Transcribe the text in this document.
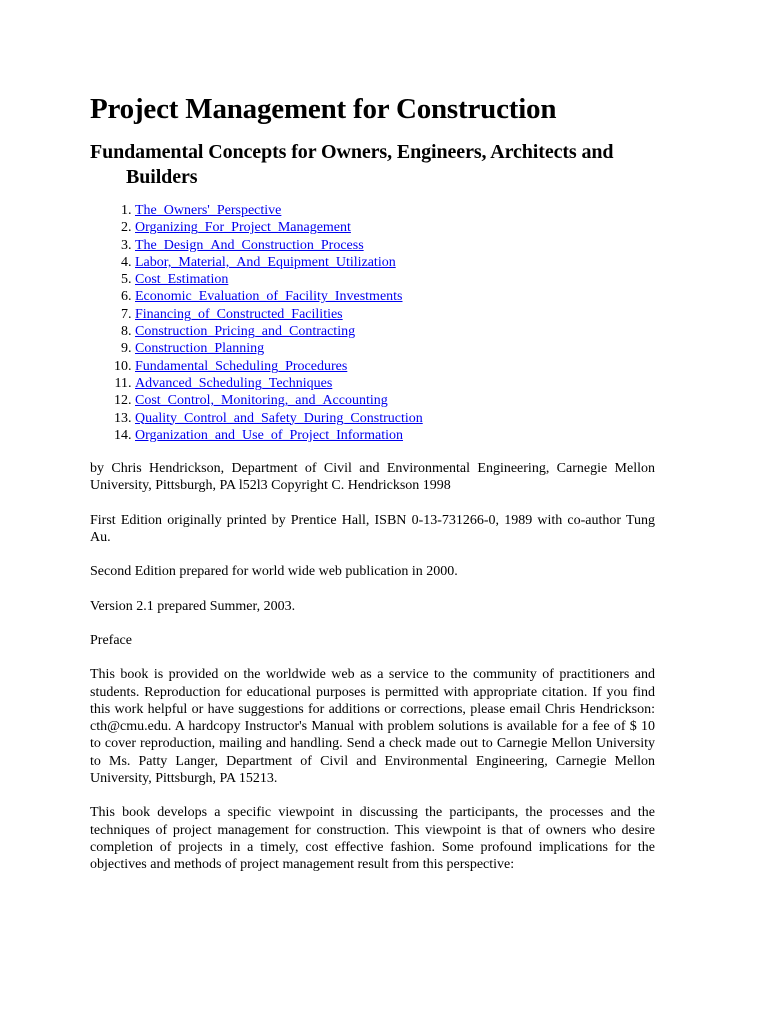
Project Management for Construction
Fundamental Concepts for Owners, Engineers, Architects and Builders
1. The_Owners'_Perspective
2. Organizing_For_Project_Management
3. The_Design_And_Construction_Process
4. Labor,_Material,_And_Equipment_Utilization
5. Cost_Estimation
6. Economic_Evaluation_of_Facility_Investments
7. Financing_of_Constructed_Facilities
8. Construction_Pricing_and_Contracting
9. Construction_Planning
10. Fundamental_Scheduling_Procedures
11. Advanced_Scheduling_Techniques
12. Cost_Control,_Monitoring,_and_Accounting
13. Quality_Control_and_Safety_During_Construction
14. Organization_and_Use_of_Project_Information

by Chris Hendrickson, Department of Civil and Environmental Engineering, Carnegie Mellon University, Pittsburgh, PA l52l3 Copyright C. Hendrickson 1998

First Edition originally printed by Prentice Hall, ISBN 0-13-731266-0, 1989 with co-author Tung Au.

Second Edition prepared for world wide web publication in 2000.

Version 2.1 prepared Summer, 2003.

Preface

This book is provided on the worldwide web as a service to the community of practitioners and students. Reproduction for educational purposes is permitted with appropriate citation. If you find this work helpful or have suggestions for additions or corrections, please email Chris Hendrickson: cth@cmu.edu. A hardcopy Instructor's Manual with problem solutions is available for a fee of $ 10 to cover reproduction, mailing and handling. Send a check made out to Carnegie Mellon University to Ms. Patty Langer, Department of Civil and Environmental Engineering, Carnegie Mellon University, Pittsburgh, PA 15213.

This book develops a specific viewpoint in discussing the participants, the processes and the techniques of project management for construction. This viewpoint is that of owners who desire completion of projects in a timely, cost effective fashion. Some profound implications for the objectives and methods of project management result from this perspective:
